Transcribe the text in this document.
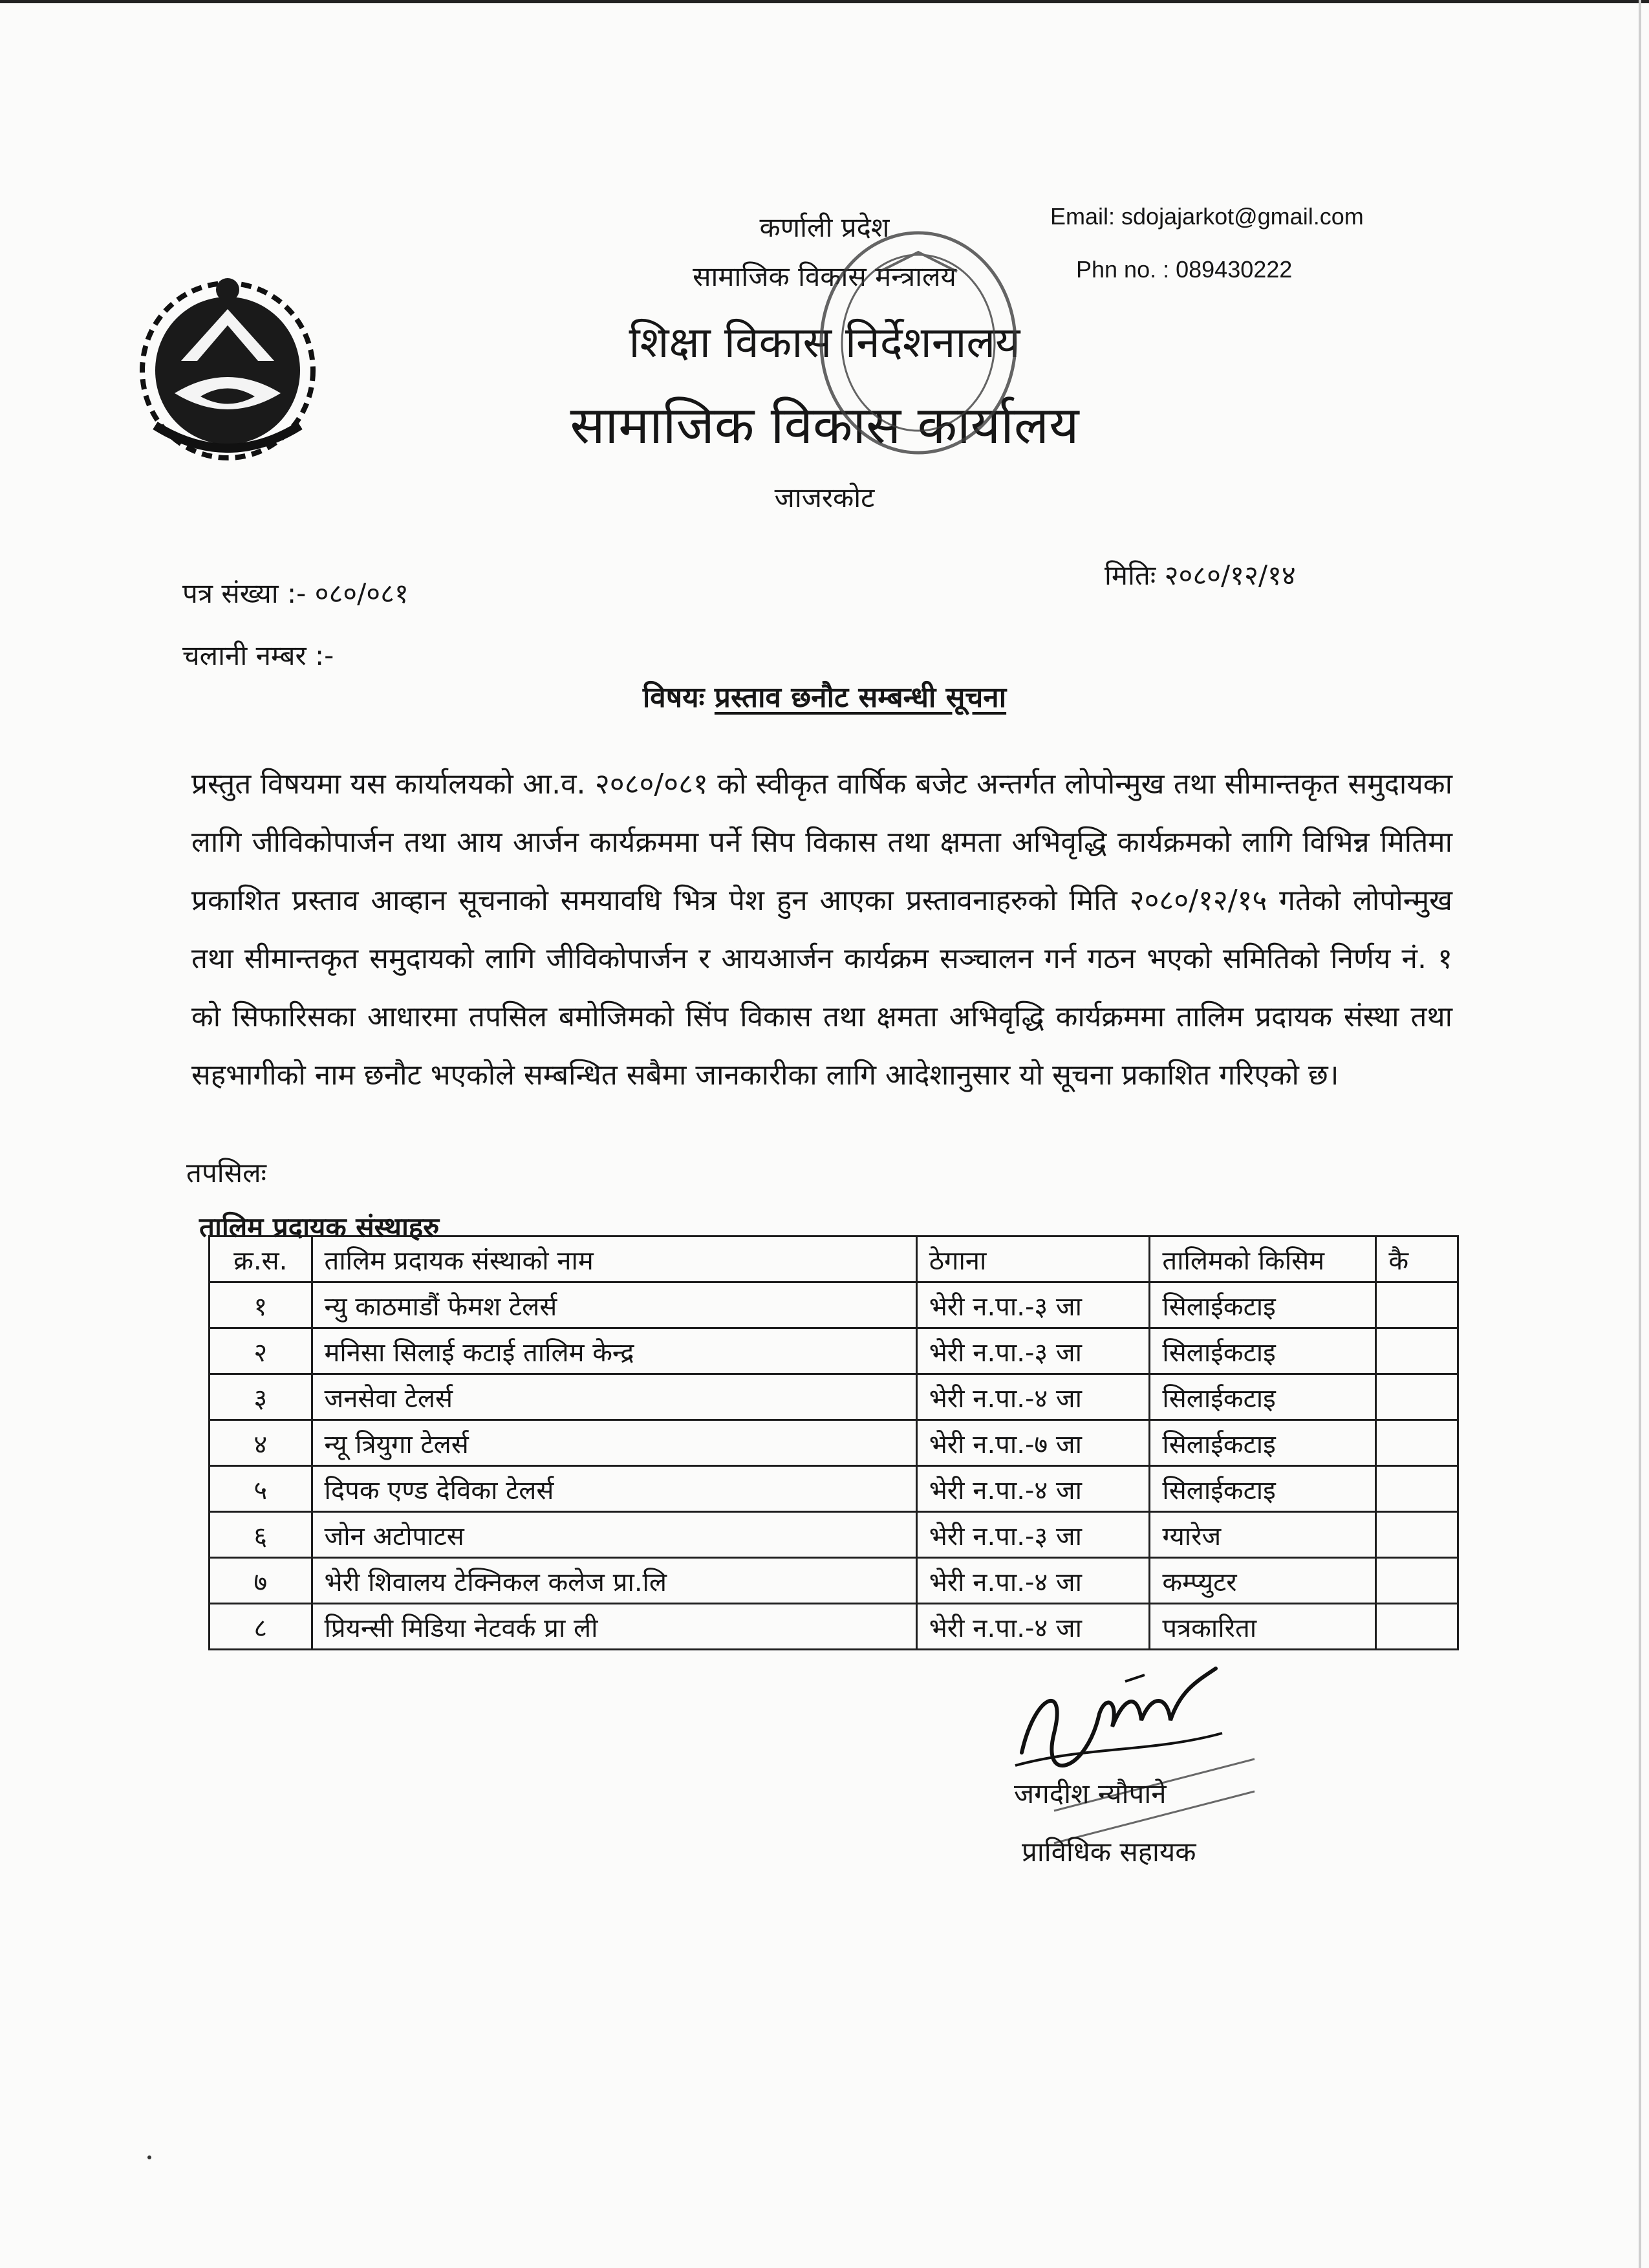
कर्णाली प्रदेश
सामाजिक विकास मन्त्रालय
शिक्षा विकास निर्देशनालय
सामाजिक विकास कार्यालय
जाजरकोट
Email: sdojajarkot@gmail.com
Phn no. : 089430222
पत्र संख्या :- ०८०/०८१
मितिः २०८०/१२/१४
चलानी नम्बर :-
विषयः प्रस्ताव छनौट सम्बन्धी सूचना
प्रस्तुत विषयमा यस कार्यालयको आ.व. २०८०/०८१ को स्वीकृत वार्षिक बजेट अन्तर्गत लोपोन्मुख तथा सीमान्तकृत समुदायका लागि जीविकोपार्जन तथा आय आर्जन कार्यक्रममा पर्ने सिप विकास तथा क्षमता अभिवृद्धि कार्यक्रमको लागि विभिन्न मितिमा प्रकाशित प्रस्ताव आव्हान सूचनाको समयावधि भित्र पेश हुन आएका प्रस्तावनाहरुको मिति २०८०/१२/१५ गतेको लोपोन्मुख तथा सीमान्तकृत समुदायको लागि जीविकोपार्जन र आयआर्जन कार्यक्रम सञ्चालन गर्न गठन भएको समितिको निर्णय नं. १ को सिफारिसका आधारमा तपसिल बमोजिमको सिंप विकास तथा क्षमता अभिवृद्धि कार्यक्रममा तालिम प्रदायक संस्था तथा सहभागीको नाम छनौट भएकोले सम्बन्धित सबैमा जानकारीका लागि आदेशानुसार यो सूचना प्रकाशित गरिएको छ।
तपसिलः
तालिम प्रदायक संस्थाहरु
क्र.स.	तालिम प्रदायक संस्थाको नाम	ठेगाना	तालिमको किसिम	कै
१	न्यु काठमाडौं फेमश टेलर्स	भेरी न.पा.-३ जा	सिलाईकटाइ	
२	मनिसा सिलाई कटाई तालिम केन्द्र	भेरी न.पा.-३ जा	सिलाईकटाइ	
३	जनसेवा टेलर्स	भेरी न.पा.-४ जा	सिलाईकटाइ	
४	न्यू त्रियुगा टेलर्स	भेरी न.पा.-७ जा	सिलाईकटाइ	
५	दिपक एण्ड देविका टेलर्स	भेरी न.पा.-४ जा	सिलाईकटाइ	
६	जोन अटोपाटस	भेरी न.पा.-३ जा	ग्यारेज	
७	भेरी शिवालय टेक्निकल कलेज प्रा.लि	भेरी न.पा.-४ जा	कम्प्युटर	
८	प्रियन्सी मिडिया नेटवर्क प्रा ली	भेरी न.पा.-४ जा	पत्रकारिता	
जगदीश न्यौपाने
प्राविधिक सहायक
